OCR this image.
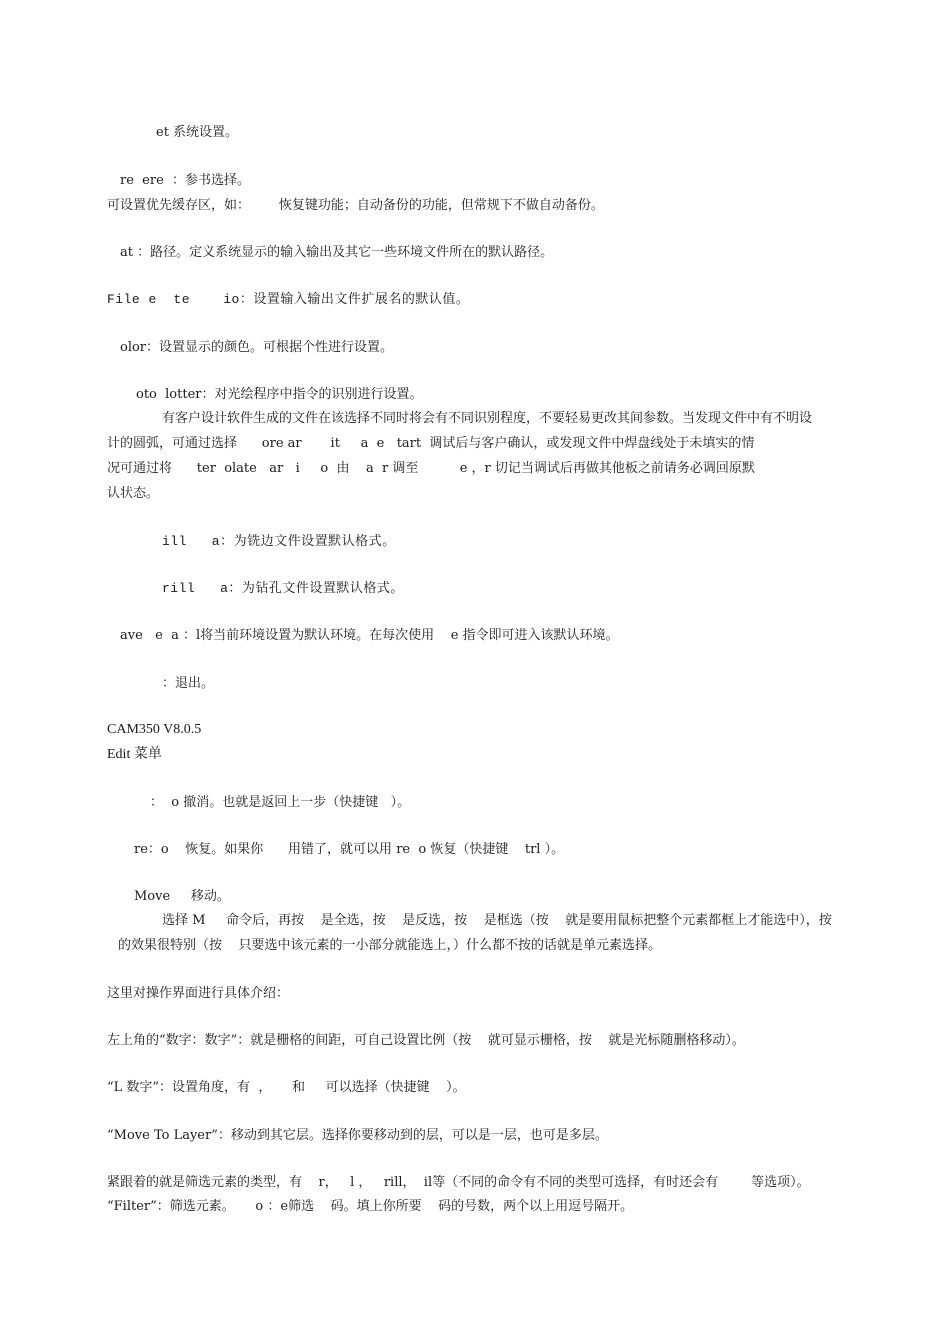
et 系统设置。
re  ere  ：参书选择。
可设置优先缓存区，如：       恢复键功能；自动备份的功能，但常规下不做自动备份。
at ：路径。定义系统显示的输入输出及其它一些环境文件所在的默认路径。
File e  te    io：设置输入输出文件扩展名的默认值。
olor：设置显示的颜色。可根据个性进行设置。
oto  lotter：对光绘程序中指令的识别进行设置。
有客户设计软件生成的文件在该选择不同时将会有不同识别程度，不要轻易更改其间参数。当发现文件中有不明设
计的圆弧，可通过选择      ore ar       it     a  e   tart  调试后与客户确认，或发现文件中焊盘线处于未填实的情
况可通过将      ter  olate   ar   i     o  由    a  r 调至          e ，r 切记当调试后再做其他板之前请务必调回原默
认状态。
ill   a：为铣边文件设置默认格式。
rill   a：为钻孔文件设置默认格式。
ave   e  a ：l将当前环境设置为默认环境。在每次使用    e 指令即可进入该默认环境。
：退出。
CAM350 V8.0.5
Edit 菜单
：  o 撤消。也就是返回上一步（快捷键   ）。
re：o    恢复。如果你      用错了，就可以用 re  o 恢复（快捷键    trl ）。
Move     移动。
选择 M     命令后，再按    是全选，按    是反选，按    是框选（按    就是要用鼠标把整个元素都框上才能选中），按
的效果很特别（按    只要选中该元素的一小部分就能选上，）什么都不按的话就是单元素选择。
这里对操作界面进行具体介绍：
左上角的“数字：数字”：就是栅格的间距，可自己设置比例（按    就可显示栅格，按    就是光标随删格移动）。
“L 数字”：设置角度，有  ，     和     可以选择（快捷键    ）。
“Move To Layer”：移动到其它层。选择你要移动到的层，可以是一层，也可是多层。
紧跟着的就是筛选元素的类型，有    r，   l ，   rill，  il等（不同的命令有不同的类型可选择，有时还会有        等选项）。
“Filter”：筛选元素。     o ：e筛选    码。填上你所要    码的号数，两个以上用逗号隔开。
